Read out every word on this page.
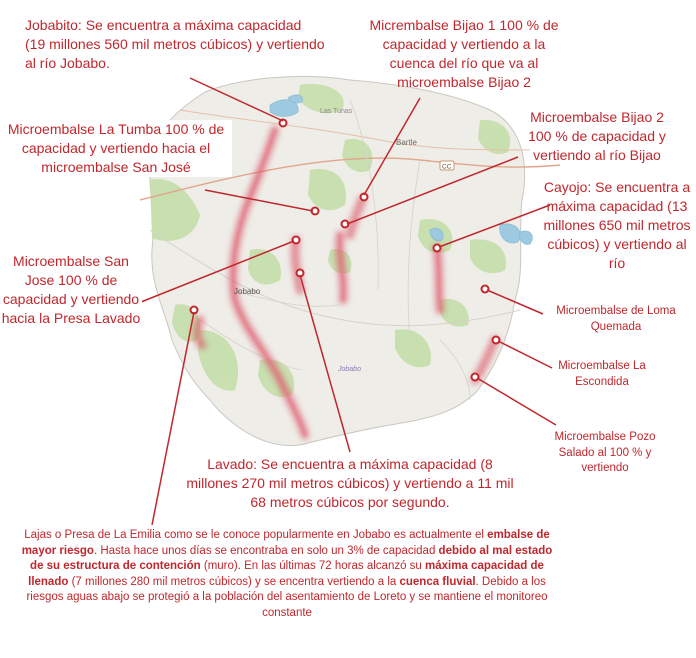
Las Tunas
Bartle
Jobabo
Jobabo
CC
Jobabito: Se encuentra a máxima capacidad (19 millones 560 mil metros cúbicos) y vertiendo al río Jobabo.
Micrembalse Bijao 1 100 % de capacidad y vertiendo a la cuenca del río que va al microembalse Bijao 2
Microembalse La Tumba 100 % de capacidad y vertiendo hacia el microembalse San José
Microembalse Bijao 2 100 % de capacidad y vertiendo al río Bijao
Cayojo: Se encuentra a máxima capacidad (13 millones 650 mil metros cúbicos) y vertiendo al río
Microembalse San Jose 100 % de capacidad y vertiendo hacia la Presa Lavado	Microembalse de Loma Quemada
Microembalse La Escondida
Microembalse Pozo Salado al 100 % y vertiendo
Lavado: Se encuentra a máxima capacidad (8 millones 270 mil metros cúbicos) y vertiendo a 11 mil 68 metros cúbicos por segundo.
Lajas o Presa de La Emilia como se le conoce popularmente en Jobabo es actualmente el embalse de mayor riesgo. Hasta hace unos días se encontraba en solo un 3% de capacidad debido al mal estado de su estructura de contención (muro). En las últimas 72 horas alcanzó su máxima capacidad de llenado (7 millones 280 mil metros cúbicos) y se encentra vertiendo a la cuenca fluvial. Debido a los riesgos aguas abajo se protegió a la población del asentamiento de Loreto y se mantiene el monitoreo constante
